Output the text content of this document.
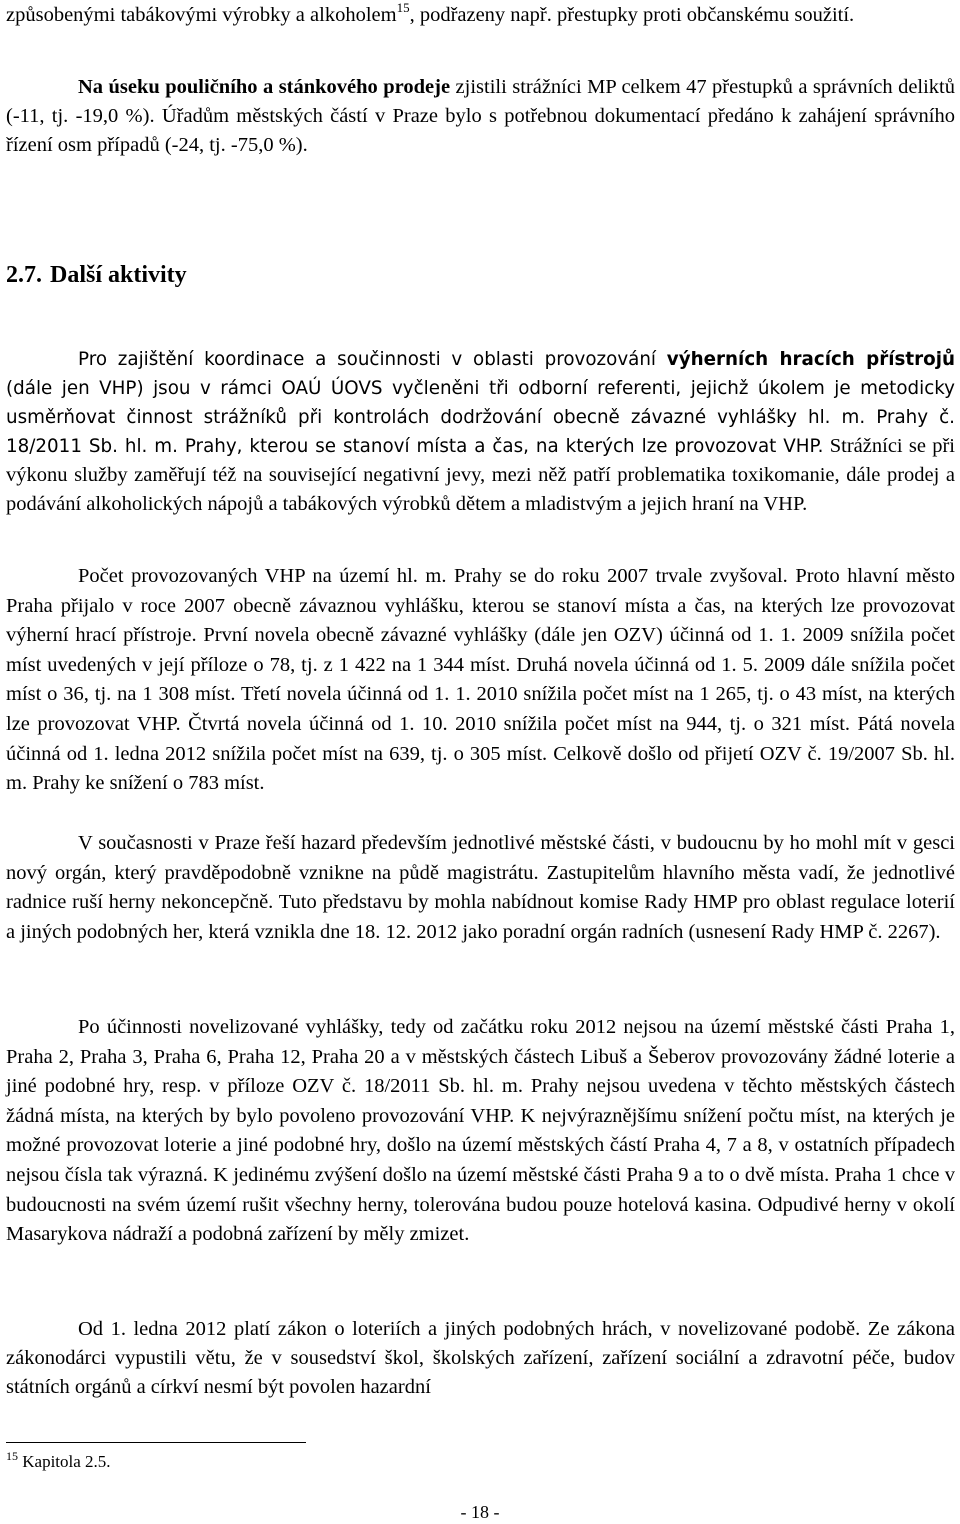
způsobenými tabákovými výrobky a alkoholem$^{15}$, podřazeny např. přestupky proti občanskému soužití.

Na úseku pouličního a stánkového prodeje zjistili strážníci MP celkem 47 přestupků a správních deliktů (-11, tj. -19,0 %). Úřadům městských částí v Praze bylo s potřebnou dokumentací předáno k zahájení správního řízení osm případů (-24, tj. -75,0 %).

2.7. Další aktivity

Pro zajištění koordinace a součinnosti v oblasti provozování výherních hracích přístrojů (dále jen VHP) jsou v rámci OAÚ ÚOVS vyčleněni tři odborní referenti, jejichž úkolem je metodicky usměrňovat činnost strážníků při kontrolách dodržování obecně závazné vyhlášky hl. m. Prahy č. 18/2011 Sb. hl. m. Prahy, kterou se stanoví místa a čas, na kterých lze provozovat VHP. Strážníci se při výkonu služby zaměřují též na související negativní jevy, mezi něž patří problematika toxikomanie, dále prodej a podávání alkoholických nápojů a tabákových výrobků dětem a mladistvým a jejich hraní na VHP.

Počet provozovaných VHP na území hl. m. Prahy se do roku 2007 trvale zvyšoval. Proto hlavní město Praha přijalo v roce 2007 obecně závaznou vyhlášku, kterou se stanoví místa a čas, na kterých lze provozovat výherní hrací přístroje. První novela obecně závazné vyhlášky (dále jen OZV) účinná od 1. 1. 2009 snížila počet míst uvedených v její příloze o 78, tj. z 1 422 na 1 344 míst. Druhá novela účinná od 1. 5. 2009 dále snížila počet míst o 36, tj. na 1 308 míst. Třetí novela účinná od 1. 1. 2010 snížila počet míst na 1 265, tj. o 43 míst, na kterých lze provozovat VHP. Čtvrtá novela účinná od 1. 10. 2010 snížila počet míst na 944, tj. o 321 míst. Pátá novela účinná od 1. ledna 2012 snížila počet míst na 639, tj. o 305 míst. Celkově došlo od přijetí OZV č. 19/2007 Sb. hl. m. Prahy ke snížení o 783 míst.

V současnosti v Praze řeší hazard především jednotlivé městské části, v budoucnu by ho mohl mít v gesci nový orgán, který pravděpodobně vznikne na půdě magistrátu. Zastupitelům hlavního města vadí, že jednotlivé radnice ruší herny nekoncepčně. Tuto představu by mohla nabídnout komise Rady HMP pro oblast regulace loterií a jiných podobných her, která vznikla dne 18. 12. 2012 jako poradní orgán radních (usnesení Rady HMP č. 2267).

Po účinnosti novelizované vyhlášky, tedy od začátku roku 2012 nejsou na území městské části Praha 1, Praha 2, Praha 3, Praha 6, Praha 12, Praha 20 a v městských částech Libuš a Šeberov provozovány žádné loterie a jiné podobné hry, resp. v příloze OZV č. 18/2011 Sb. hl. m. Prahy nejsou uvedena v těchto městských částech žádná místa, na kterých by bylo povoleno provozování VHP. K nejvýraznějšímu snížení počtu míst, na kterých je možné provozovat loterie a jiné podobné hry, došlo na území městských částí Praha 4, 7 a 8, v ostatních případech nejsou čísla tak výrazná. K jedinému zvýšení došlo na území městské části Praha 9 a to o dvě místa. Praha 1 chce v budoucnosti na svém území rušit všechny herny, tolerována budou pouze hotelová kasina. Odpudivé herny v okolí Masarykova nádraží a podobná zařízení by měly zmizet.

Od 1. ledna 2012 platí zákon o loteriích a jiných podobných hrách, v novelizované podobě. Ze zákona zákonodárci vypustili větu, že v sousedství škol, školských zařízení, zařízení sociální a zdravotní péče, budov státních orgánů a církví nesmí být povolen hazardní

$^{15}$ Kapitola 2.5.

- 18 -
